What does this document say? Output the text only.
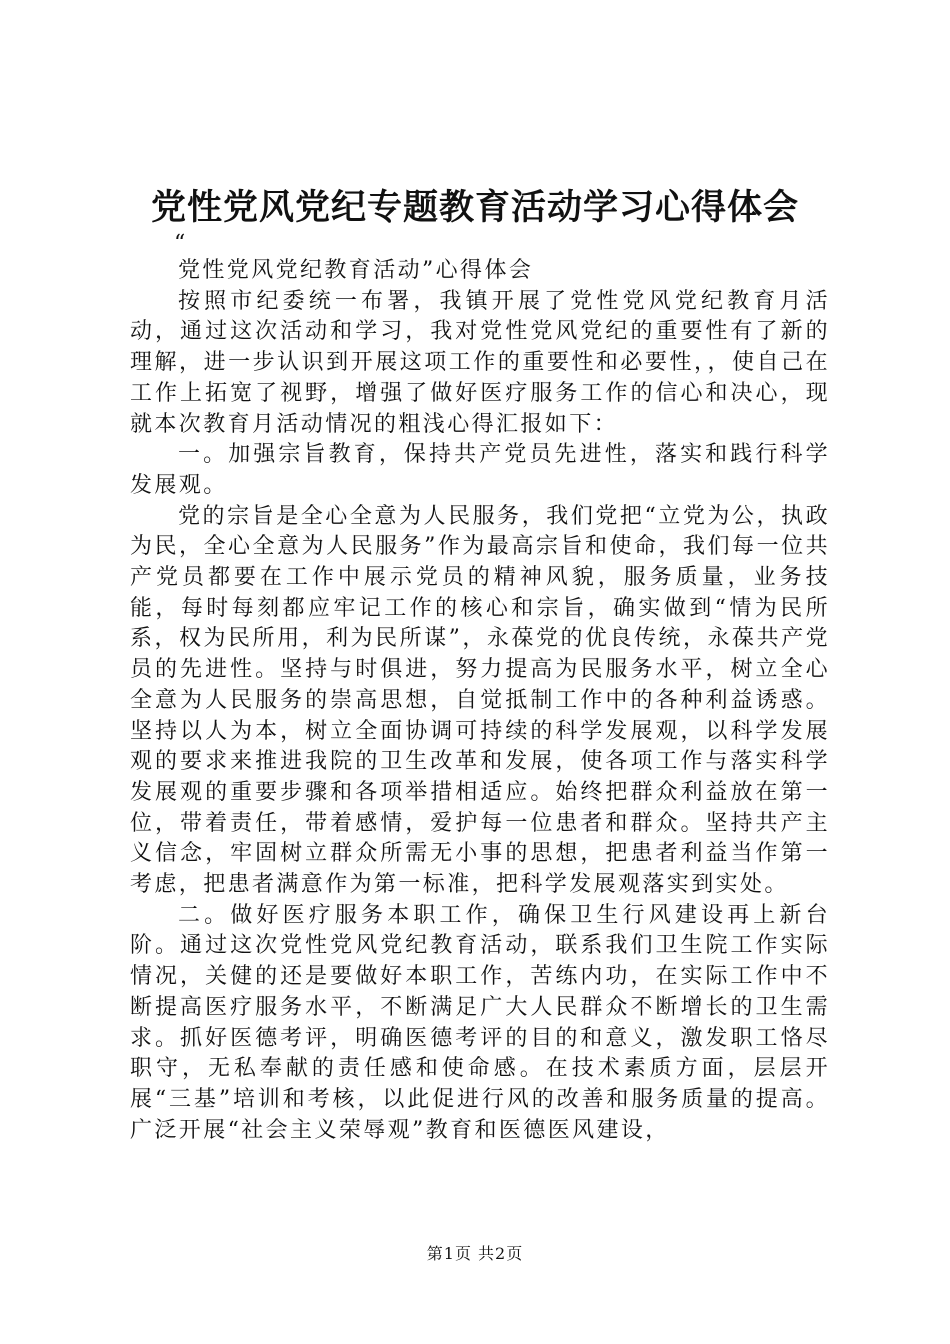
党性党风党纪专题教育活动学习心得体会
“

党性党风党纪教育活动”心得体会

按照市纪委统一布署，我镇开展了党性党风党纪教育月活动，通过这次活动和学习，我对党性党风党纪的重要性有了新的理解，进一步认识到开展这项工作的重要性和必要性，，使自己在工作上拓宽了视野，增强了做好医疗服务工作的信心和决心，现就本次教育月活动情况的粗浅心得汇报如下：

一。加强宗旨教育，保持共产党员先进性，落实和践行科学发展观。

党的宗旨是全心全意为人民服务，我们党把“立党为公，执政为民，全心全意为人民服务”作为最高宗旨和使命，我们每一位共产党员都要在工作中展示党员的精神风貌，服务质量，业务技能，每时每刻都应牢记工作的核心和宗旨，确实做到“情为民所系，权为民所用，利为民所谋”，永葆党的优良传统，永葆共产党员的先进性。坚持与时俱进，努力提高为民服务水平，树立全心全意为人民服务的崇高思想，自觉抵制工作中的各种利益诱惑。坚持以人为本，树立全面协调可持续的科学发展观，以科学发展观的要求来推进我院的卫生改革和发展，使各项工作与落实科学发展观的重要步骤和各项举措相适应。始终把群众利益放在第一位，带着责任，带着感情，爱护每一位患者和群众。坚持共产主义信念，牢固树立群众所需无小事的思想，把患者利益当作第一考虑，把患者满意作为第一标准，把科学发展观落实到实处。

二。做好医疗服务本职工作，确保卫生行风建设再上新台阶。通过这次党性党风党纪教育活动，联系我们卫生院工作实际情况，关健的还是要做好本职工作，苦练内功，在实际工作中不断提高医疗服务水平，不断满足广大人民群众不断增长的卫生需求。抓好医德考评，明确医德考评的目的和意义，激发职工恪尽职守，无私奉献的责任感和使命感。在技术素质方面，层层开展“三基”培训和考核，以此促进行风的改善和服务质量的提高。广泛开展“社会主义荣辱观”教育和医德医风建设，

第1页 共2页
